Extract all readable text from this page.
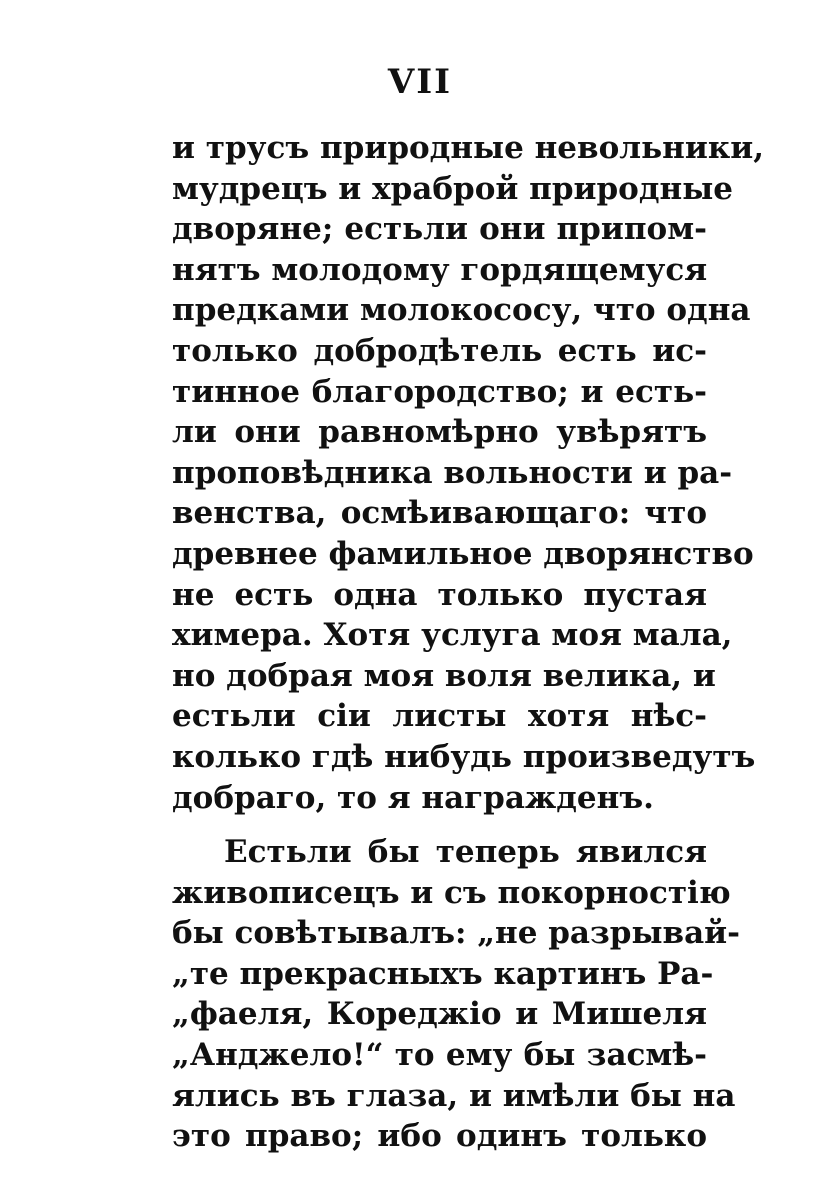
VII
и трусъ природные невольники,
мудрецъ и храброй природные
дворяне; естьли они припом-
нятъ молодому гордящемуся
предками молокососу, что одна
только добродѣтель есть ис-
тинное благородство; и есть-
ли они равномѣрно увѣрятъ
проповѣдника вольности и ра-
венства, осмѣивающаго: что
древнее фамильное дворянство
не есть одна только пустая
химера. Хотя услуга моя мала,
но добрая моя воля велика, и
естьли сіи листы хотя нѣс-
колько гдѣ нибудь произведутъ
добраго, то я награжденъ.
Естьли бы теперь явился
живописецъ и съ покорностію
бы совѣтывалъ: „не разрывай-
„те прекрасныхъ картинъ Ра-
„фаеля, Кореджіо и Мишеля
„Анджело!“ то ему бы засмѣ-
ялись въ глаза, и имѣли бы на
это право; ибо одинъ только
